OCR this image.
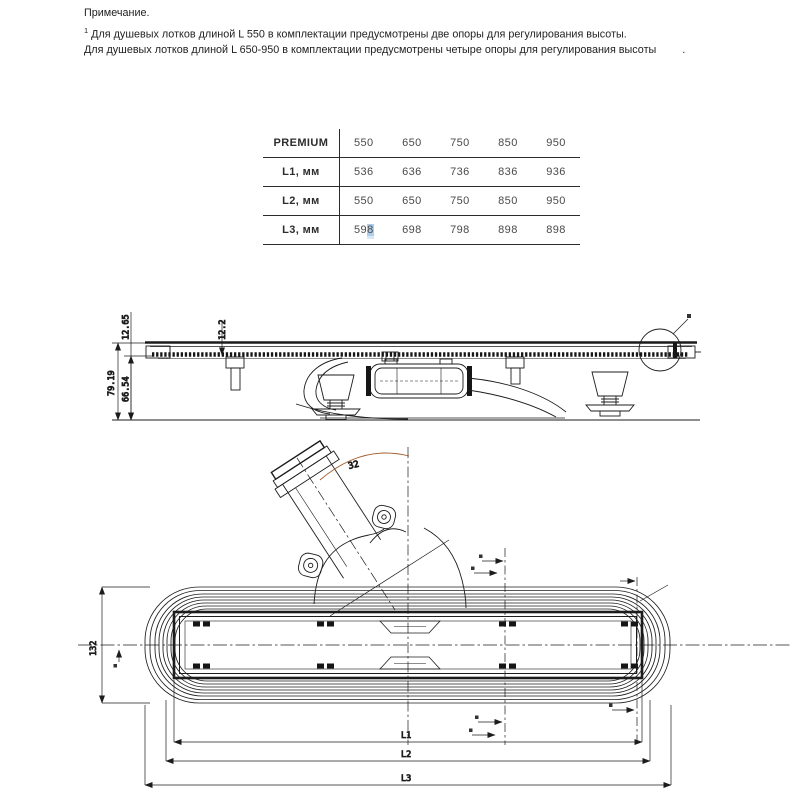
Примечание.
$^1$ Для душевых лотков длиной L 550 в комплектации предусмотрены две опоры для регулирования высоты.
Для душевых лотков длиной L 650-950 в комплектации предусмотрены четыре опоры для регулирования высоты .
PREMIUM	550	650	750	850	950
L1, мм	536	636	736	836	936
L2, мм	550	650	750	850	950
L3, мм	598	698	798	898	898
12.2
79.19 66.54
12.65
32
132
L1
L2
L3
